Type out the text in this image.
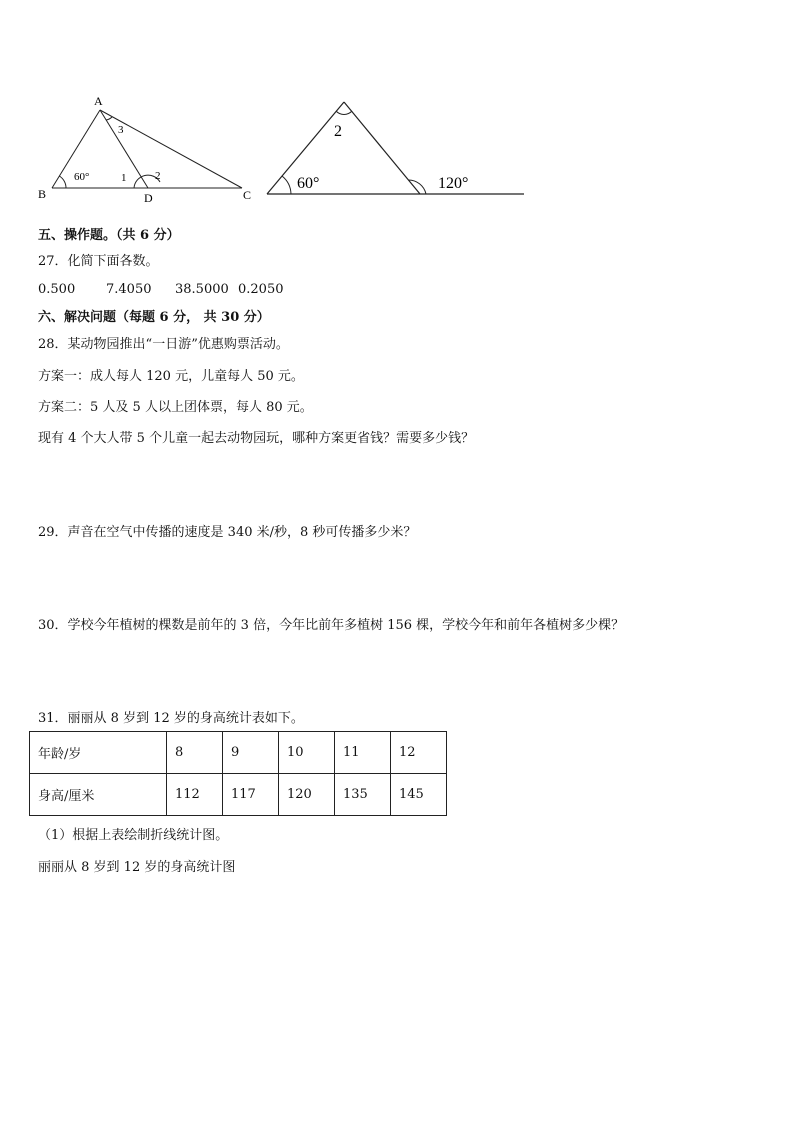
A
B	C
D
60°	1	2
3	2
60°	120°
五、操作题。（共 6 分）
27．化简下面各数。
0.500 7.4050 38.5000 0.2050
六、解决问题（每题 6 分， 共 30 分）
28．某动物园推出“一日游”优惠购票活动。
方案一：成人每人 120 元，儿童每人 50 元。
方案二：5 人及 5 人以上团体票，每人 80 元。
现有 4 个大人带 5 个儿童一起去动物园玩，哪种方案更省钱？需要多少钱？
29．声音在空气中传播的速度是 340 米/秒，8 秒可传播多少米？
30．学校今年植树的棵数是前年的 3 倍，今年比前年多植树 156 棵，学校今年和前年各植树多少棵？
31．丽丽从 8 岁到 12 岁的身高统计表如下。
年龄/岁	8	9	10	11	12
身高/厘米	112	117	120	135	145
（1）根据上表绘制折线统计图。
丽丽从 8 岁到 12 岁的身高统计图
